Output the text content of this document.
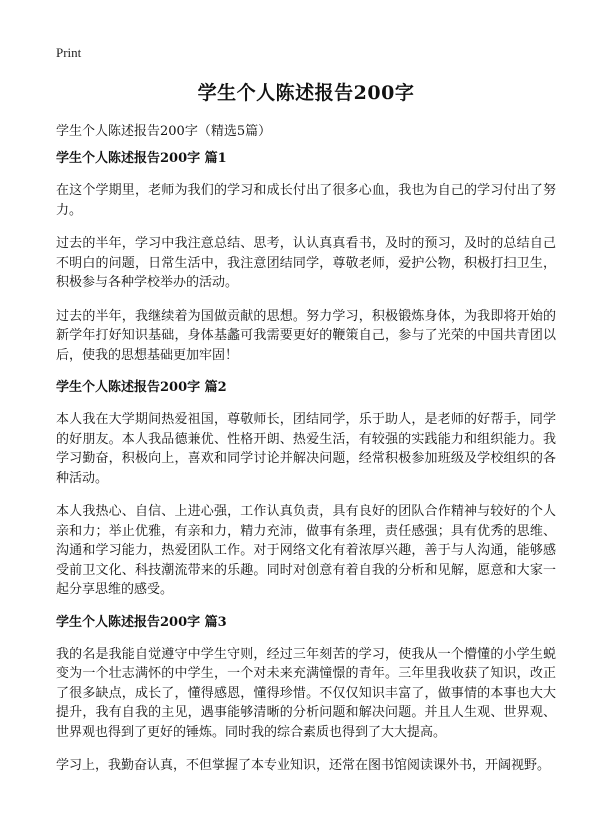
Print
学生个人陈述报告200字

学生个人陈述报告200字（精选5篇）

学生个人陈述报告200字 篇1

在这个学期里，老师为我们的学习和成长付出了很多心血，我也为自己的学习付出了努力。

过去的半年，学习中我注意总结、思考，认认真真看书，及时的预习，及时的总结自己不明白的问题，日常生活中，我注意团结同学，尊敬老师，爱护公物，积极打扫卫生，积极参与各种学校举办的活动。

过去的半年，我继续着为国做贡献的思想。努力学习，积极锻炼身体，为我即将开始的新学年打好知识基础，身体基蠡可我需要更好的鞭策自己，参与了光荣的中国共青团以后，使我的思想基础更加牢固！

学生个人陈述报告200字 篇2

本人我在大学期间热爱祖国，尊敬师长，团结同学，乐于助人，是老师的好帮手，同学的好朋友。本人我品德兼优、性格开朗、热爱生活，有较强的实践能力和组织能力。我学习勤奋，积极向上，喜欢和同学讨论并解决问题，经常积极参加班级及学校组织的各种活动。

本人我热心、自信、上进心强，工作认真负责，具有良好的团队合作精神与较好的个人亲和力；举止优雅，有亲和力，精力充沛，做事有条理，责任感强；具有优秀的思维、沟通和学习能力，热爱团队工作。对于网络文化有着浓厚兴趣，善于与人沟通，能够感受前卫文化、科技潮流带来的乐趣。同时对创意有着自我的分析和见解，愿意和大家一起分享思维的感受。

学生个人陈述报告200字 篇3

我的名是我能自觉遵守中学生守则，经过三年刻苦的学习，使我从一个懵懂的小学生蜕变为一个壮志满怀的中学生，一个对未来充满憧憬的青年。三年里我收获了知识，改正了很多缺点，成长了，懂得感恩，懂得珍惜。不仅仅知识丰富了，做事情的本事也大大提升，我有自我的主见，遇事能够清晰的分析问题和解决问题。并且人生观、世界观、世界观也得到了更好的锤炼。同时我的综合素质也得到了大大提高。

学习上，我勤奋认真，不但掌握了本专业知识，还常在图书馆阅读课外书，开阔视野。
